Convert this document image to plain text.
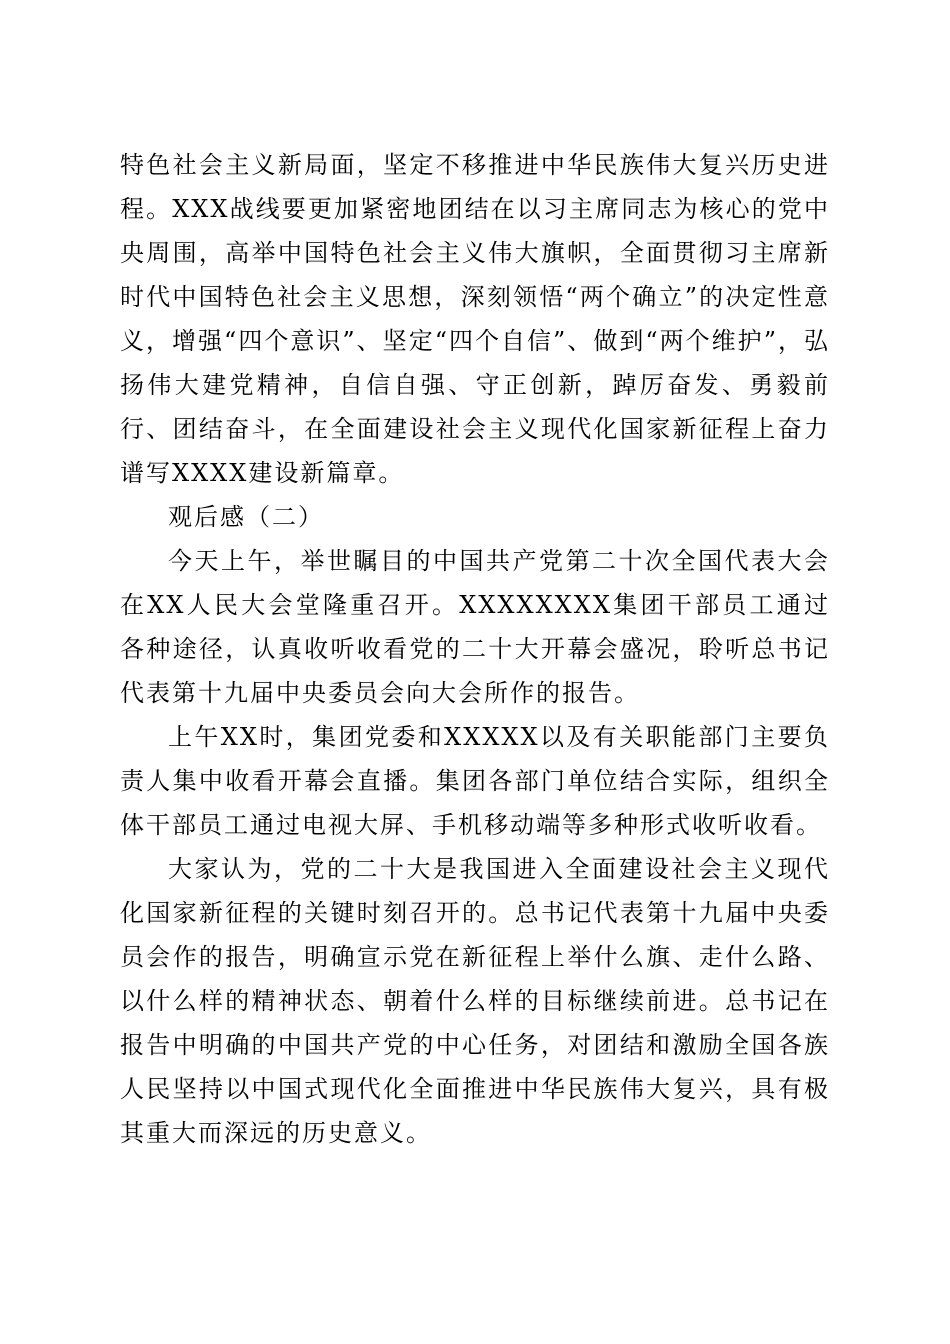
特色社会主义新局面，坚定不移推进中华民族伟大复兴历史进程。XXX战线要更加紧密地团结在以习主席同志为核心的党中央周围，高举中国特色社会主义伟大旗帜，全面贯彻习主席新时代中国特色社会主义思想，深刻领悟“两个确立”的决定性意义，增强“四个意识”、坚定“四个自信”、做到“两个维护”，弘扬伟大建党精神，自信自强、守正创新，踔厉奋发、勇毅前行、团结奋斗，在全面建设社会主义现代化国家新征程上奋力谱写XXXX建设新篇章。

观后感（二）

今天上午，举世瞩目的中国共产党第二十次全国代表大会在XX人民大会堂隆重召开。XXXXXXXX集团干部员工通过各种途径，认真收听收看党的二十大开幕会盛况，聆听总书记代表第十九届中央委员会向大会所作的报告。

上午XX时，集团党委和XXXXX以及有关职能部门主要负责人集中收看开幕会直播。集团各部门单位结合实际，组织全体干部员工通过电视大屏、手机移动端等多种形式收听收看。

大家认为，党的二十大是我国进入全面建设社会主义现代化国家新征程的关键时刻召开的。总书记代表第十九届中央委员会作的报告，明确宣示党在新征程上举什么旗、走什么路、以什么样的精神状态、朝着什么样的目标继续前进。总书记在报告中明确的中国共产党的中心任务，对团结和激励全国各族人民坚持以中国式现代化全面推进中华民族伟大复兴，具有极其重大而深远的历史意义。
